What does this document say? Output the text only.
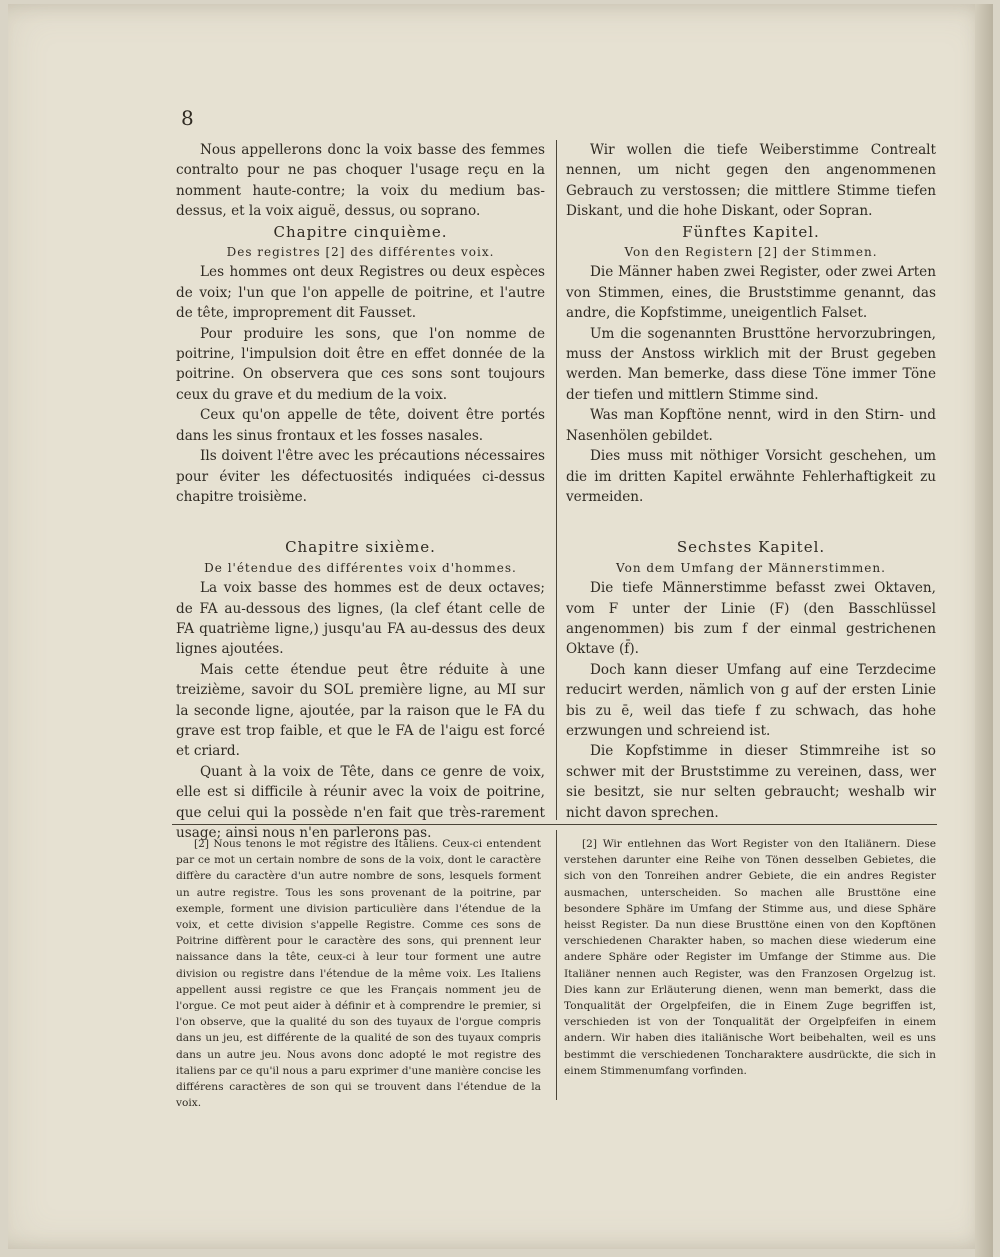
8

Nous appellerons donc la voix basse des femmes contralto pour ne pas choquer l'usage reçu en la nomment haute-contre; la voix du medium bas-dessus, et la voix aiguë, dessus, ou soprano.

Chapitre cinquième.

Des registres [2] des différentes voix.

Les hommes ont deux Registres ou deux espèces de voix; l'un que l'on appelle de poitrine, et l'autre de tête, improprement dit Fausset.

Pour produire les sons, que l'on nomme de poitrine, l'impulsion doit être en effet donnée de la poitrine. On observera que ces sons sont toujours ceux du grave et du medium de la voix.

Ceux qu'on appelle de tête, doivent être portés dans les sinus frontaux et les fosses nasales.

Ils doivent l'être avec les précautions nécessaires pour éviter les défectuosités indiquées ci-dessus chapitre troisième.

Chapitre sixième.

De l'étendue des différentes voix d'hommes.

La voix basse des hommes est de deux octaves; de FA au-dessous des lignes, (la clef étant celle de FA quatrième ligne,) jusqu'au FA au-dessus des deux lignes ajoutées.

Mais cette étendue peut être réduite à une treizième, savoir du SOL première ligne, au MI sur la seconde ligne, ajoutée, par la raison que le FA du grave est trop faible, et que le FA de l'aigu est forcé et criard.

Quant à la voix de Tête, dans ce genre de voix, elle est si difficile à réunir avec la voix de poitrine, que celui qui la possède n'en fait que très-rarement usage; ainsi nous n'en parlerons pas.

Wir wollen die tiefe Weiberstimme Contrealt nennen, um nicht gegen den angenommenen Gebrauch zu verstossen; die mittlere Stimme tiefen Diskant, und die hohe Diskant, oder Sopran.

Fünftes Kapitel.

Von den Registern [2] der Stimmen.

Die Männer haben zwei Register, oder zwei Arten von Stimmen, eines, die Bruststimme genannt, das andre, die Kopfstimme, uneigentlich Falset.

Um die sogenannten Brusttöne hervorzubringen, muss der Anstoss wirklich mit der Brust gegeben werden. Man bemerke, dass diese Töne immer Töne der tiefen und mittlern Stimme sind.

Was man Kopftöne nennt, wird in den Stirn- und Nasenhölen gebildet.

Dies muss mit nöthiger Vorsicht geschehen, um die im dritten Kapitel erwähnte Fehlerhaftigkeit zu vermeiden.

Sechstes Kapitel.

Von dem Umfang der Männerstimmen.

Die tiefe Männerstimme befasst zwei Oktaven, vom F unter der Linie (F) (den Basschlüssel angenommen) bis zum f der einmal gestrichenen Oktave (f̄).

Doch kann dieser Umfang auf eine Terzdecime reducirt werden, nämlich von g auf der ersten Linie bis zu ē, weil das tiefe f zu schwach, das hohe erzwungen und schreiend ist.

Die Kopfstimme in dieser Stimmreihe ist so schwer mit der Bruststimme zu vereinen, dass, wer sie besitzt, sie nur selten gebraucht; weshalb wir nicht davon sprechen.

[2] Nous tenons le mot registre des Italiens. Ceux-ci entendent par ce mot un certain nombre de sons de la voix, dont le caractère diffère du caractère d'un autre nombre de sons, lesquels forment un autre registre. Tous les sons provenant de la poitrine, par exemple, forment une division particulière dans l'étendue de la voix, et cette division s'appelle Registre. Comme ces sons de Poitrine diffèrent pour le caractère des sons, qui prennent leur naissance dans la tête, ceux-ci à leur tour forment une autre division ou registre dans l'étendue de la même voix. Les Italiens appellent aussi registre ce que les Français nomment jeu de l'orgue. Ce mot peut aider à définir et à comprendre le premier, si l'on observe, que la qualité du son des tuyaux de l'orgue compris dans un jeu, est différente de la qualité de son des tuyaux compris dans un autre jeu. Nous avons donc adopté le mot registre des italiens par ce qu'il nous a paru exprimer d'une manière concise les différens caractères de son qui se trouvent dans l'étendue de la voix.

[2] Wir entlehnen das Wort Register von den Italiänern. Diese verstehen darunter eine Reihe von Tönen desselben Gebietes, die sich von den Tonreihen andrer Gebiete, die ein andres Register ausmachen, unterscheiden. So machen alle Brusttöne eine besondere Sphäre im Umfang der Stimme aus, und diese Sphäre heisst Register. Da nun diese Brusttöne einen von den Kopftönen verschiedenen Charakter haben, so machen diese wiederum eine andere Sphäre oder Register im Umfange der Stimme aus. Die Italiäner nennen auch Register, was den Franzosen Orgelzug ist. Dies kann zur Erläuterung dienen, wenn man bemerkt, dass die Tonqualität der Orgelpfeifen, die in Einem Zuge begriffen ist, verschieden ist von der Tonqualität der Orgelpfeifen in einem andern. Wir haben dies italiänische Wort beibehalten, weil es uns bestimmt die verschiedenen Toncharaktere ausdrückte, die sich in einem Stimmenumfang vorfinden.
